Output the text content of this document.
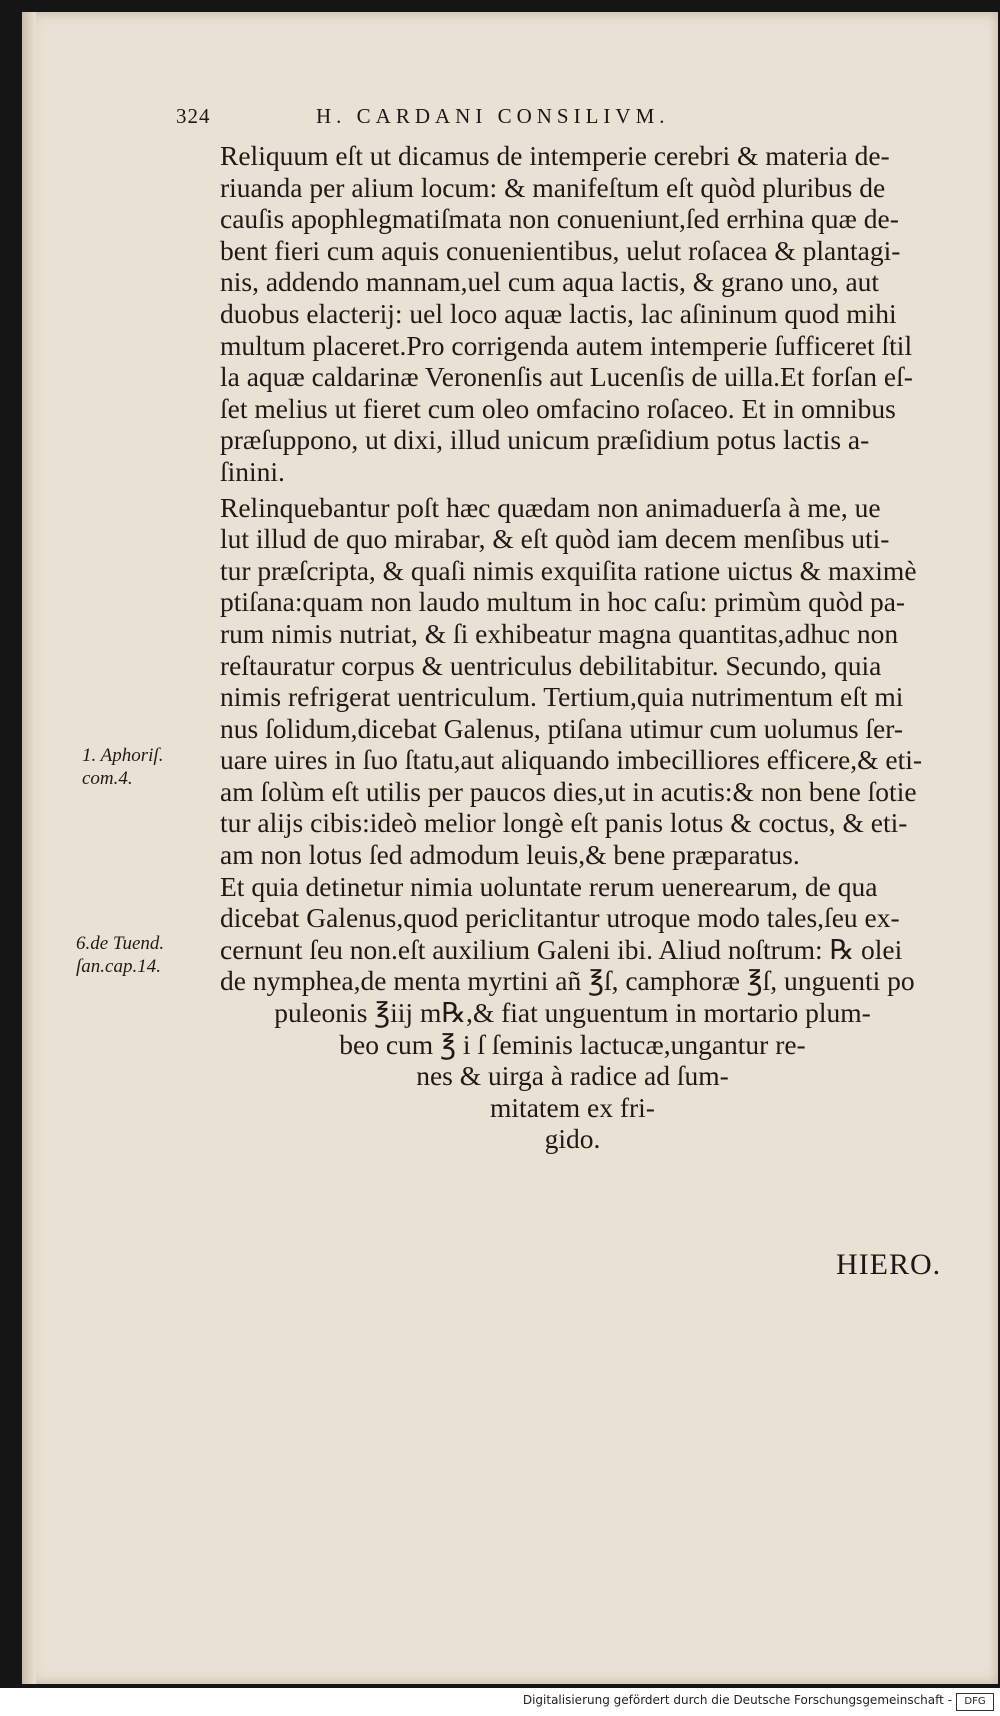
324	H. CARDANI CONSILIVM.

Reliquum eſt ut dicamus de intemperie cerebri & materia de-
riuanda per alium locum: & manifeſtum eſt quòd pluribus de
cauſis apophlegmatiſmata non conueniunt,ſed errhina quæ de-
bent fieri cum aquis conuenientibus, uelut roſacea & plantagi-
nis, addendo mannam,uel cum aqua lactis, & grano uno, aut
duobus elacterij: uel loco aquæ lactis, lac aſininum quod mihi
multum placeret.Pro corrigenda autem intemperie ſufficeret ſtil
la aquæ caldarinæ Veronenſis aut Lucenſis de uilla.Et forſan eſ-
ſet melius ut fieret cum oleo omfacino roſaceo. Et in omnibus
præſuppono, ut dixi, illud unicum præſidium potus lactis a-
ſinini.

Relinquebantur poſt hæc quædam non animaduerſa à me, ue
lut illud de quo mirabar, & eſt quòd iam decem menſibus uti-
tur præſcripta, & quaſi nimis exquiſita ratione uictus & maximè
ptiſana:quam non laudo multum in hoc caſu: primùm quòd pa-
rum nimis nutriat, & ſi exhibeatur magna quantitas,adhuc non
reſtauratur corpus & uentriculus debilitabitur. Secundo, quia
nimis refrigerat uentriculum. Tertium,quia nutrimentum eſt mi
nus ſolidum,dicebat Galenus, ptiſana utimur cum uolumus ſer-
uare uires in ſuo ſtatu,aut aliquando imbecilliores efficere,& eti-
am ſolùm eſt utilis per paucos dies,ut in acutis:& non bene ſotie
tur alijs cibis:ideò melior longè eſt panis lotus & coctus, & eti-
am non lotus ſed admodum leuis,& bene præparatus.

Et quia detinetur nimia uoluntate rerum uenerearum, de qua
dicebat Galenus,quod periclitantur utroque modo tales,ſeu ex-
cernunt ſeu non.eſt auxilium Galeni ibi. Aliud noſtrum: ℞ olei
de nymphea,de menta myrtini añ ℥ſ, camphoræ ℥ſ, unguenti po

puleonis ℥iij m℞,& fiat unguentum in mortario plum-
beo cum ℥ i ſ ſeminis lactucæ,ungantur re-
nes & uirga à radice ad ſum-
mitatem ex fri-
gido.

1. Aphoriſ.
com.4.
6.de Tuend.
ſan.cap.14.
HIERO.
Digitalisierung gefördert durch die Deutsche Forschungsgemeinschaft -	DFG
